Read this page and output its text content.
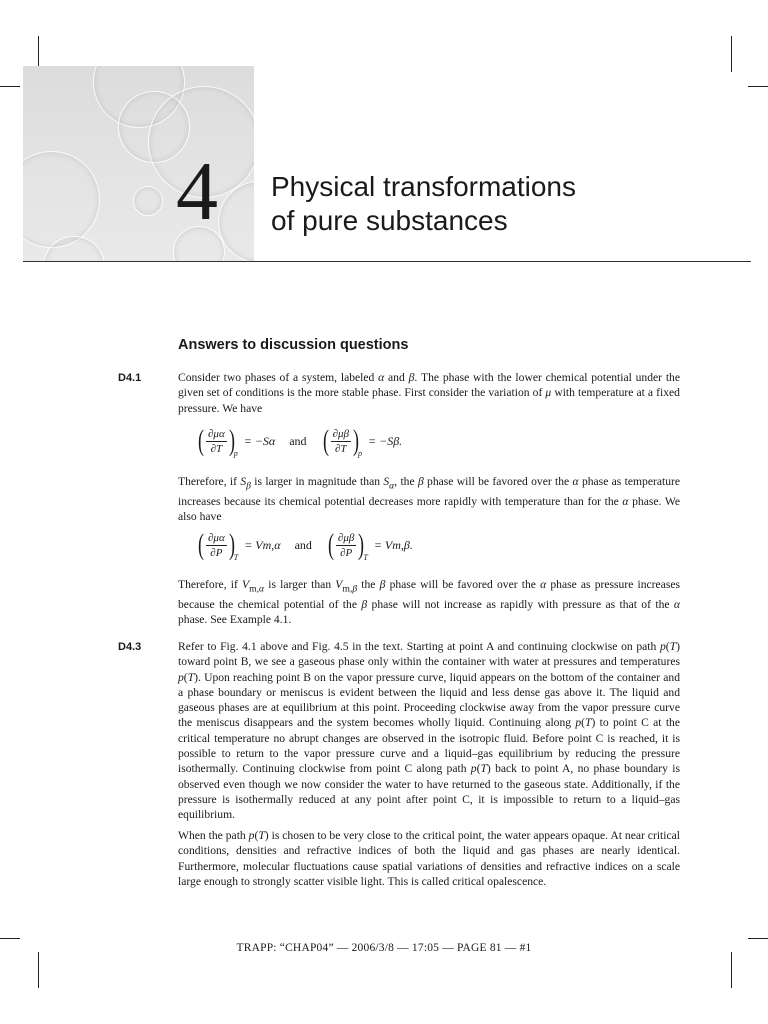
4	Physical transformations
of pure substances
Answers to discussion questions
D4.1	Consider two phases of a system, labeled α and β. The phase with the lower chemical potential under the given set of conditions is the more stable phase. First consider the variation of μ with temperature at a fixed pressure. We have

( $\frac{\partial\mu\alpha}{\partial T} )_p= -S\alpha$ and ( $\frac{\partial\mu\beta}{\partial T} )_p= -S\beta$.

Therefore, if $S_\beta$ is larger in magnitude than $S_\alpha$, the β phase will be favored over the α phase as temperature increases because its chemical potential decreases more rapidly with temperature than for the α phase. We also have

( $\frac{\partial\mu\alpha}{\partial P} )_T= Vm,\alpha$ and ( $\frac{\partial\mu\beta}{\partial P} )_T= Vm,\beta$.

Therefore, if $V_{m,\alpha}$ is larger than $V_{m,\beta}$ the β phase will be favored over the α phase as pressure increases because the chemical potential of the β phase will not increase as rapidly with pressure as that of the α phase. See Example 4.1.

D4.3	Refer to Fig. 4.1 above and Fig. 4.5 in the text. Starting at point A and continuing clockwise on path p(T) toward point B, we see a gaseous phase only within the container with water at pressures and temperatures p(T). Upon reaching point B on the vapor pressure curve, liquid appears on the bottom of the container and a phase boundary or meniscus is evident between the liquid and less dense gas above it. The liquid and gaseous phases are at equilibrium at this point. Proceeding clockwise away from the vapor pressure curve the meniscus disappears and the system becomes wholly liquid. Continuing along p(T) to point C at the critical temperature no abrupt changes are observed in the isotropic fluid. Before point C is reached, it is possible to return to the vapor pressure curve and a liquid–gas equilibrium by reducing the pressure isothermally. Continuing clockwise from point C along path p(T) back to point A, no phase boundary is observed even though we now consider the water to have returned to the gaseous state. Additionally, if the pressure is isothermally reduced at any point after point C, it is impossible to return to a liquid–gas equilibrium.

When the path p(T) is chosen to be very close to the critical point, the water appears opaque. At near critical conditions, densities and refractive indices of both the liquid and gas phases are nearly identical. Furthermore, molecular fluctuations cause spatial variations of densities and refractive indices on a scale large enough to strongly scatter visible light. This is called critical opalescence.

TRAPP: “CHAP04” — 2006/3/8 — 17:05 — PAGE 81 — #1
